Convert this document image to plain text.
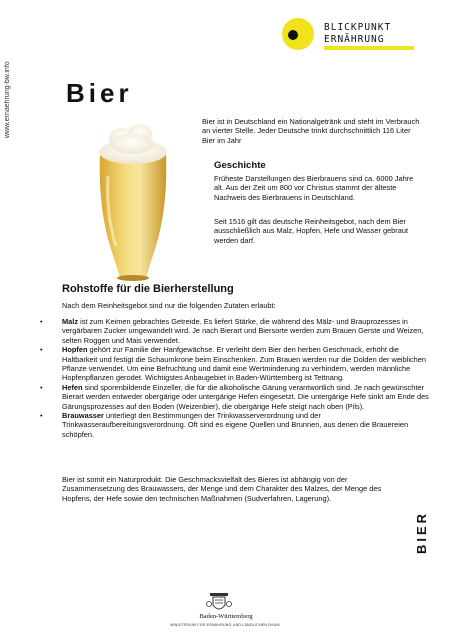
www.ernaehrung-bw.info
BLICKPUNKT
ERNÄHRUNG
Bier
Bier ist in Deutschland ein Nationalgetränk und steht im Verbrauch an vierter Stelle. Jeder Deutsche trinkt durchschnittlich 116 Liter Bier im Jahr
Geschichte
Früheste Darstellungen des Bierbrauens sind ca. 6000 Jahre alt. Aus der Zeit um 800 vor Christus stammt der älteste Nachweis des Bierbrauens in Deutschland.
Seit 1516 gilt das deutsche Reinheitsgebot, nach dem Bier ausschließlich aus Malz, Hopfen, Hefe und Wasser gebraut werden darf.
Rohstoffe für die Bierherstellung
Nach dem Reinheitsgebot sind nur die folgenden Zutaten erlaubt:
•	Malz ist zum Keimen gebrachtes Getreide. Es liefert Stärke, die während des Mälz- und Brauprozesses in vergärbaren Zucker umgewandelt wird. Je nach Bierart und Biersorte werden zum Brauen Gerste und Weizen, selten Roggen und Mais verwendet.
•	Hopfen gehört zur Familie der Hanfgewächse. Er verleiht dem Bier den herben Geschmack, erhöht die Haltbarkeit und festigt die Schaumkrone beim Einschenken. Zum Brauen werden nur die Dolden der weiblichen Pflanze verwendet. Um eine Befruchtung und damit eine Wertminderung zu verhindern, werden männliche Hopfenpflanzen gerodet. Wichtigstes Anbaugebiet in Baden-Württemberg ist Tettnang.
•	Hefen sind sporenbildende Einzeller, die für die alkoholische Gärung verantwortlich sind. Je nach gewünschter Bierart werden entweder obergärige oder untergärige Hefen eingesetzt. Die untergärige Hefe sinkt am Ende des Gärungsprozesses auf den Boden (Weizenbier), die obergärige Hefe steigt nach oben (Pils).
•	Brauwasser unterliegt den Bestimmungen der Trinkwasserverordnung und der Trinkwasseraufbereitungsverordnung. Oft sind es eigene Quellen und Brunnen, aus denen die Brauereien schöpfen.
Bier ist somit ein Naturprodukt. Die Geschmacksvielfalt des Bieres ist abhängig von der Zusammensetzung des Brauwassers, der Menge und dem Charakter des Malzes, der Menge des Hopfens, der Hefe sowie den technischen Maßnahmen (Sudverfahren, Lagerung).
BIER
Baden-Württemberg
MINISTERIUM FÜR ERNÄHRUNG UND LÄNDLICHEN RAUM
